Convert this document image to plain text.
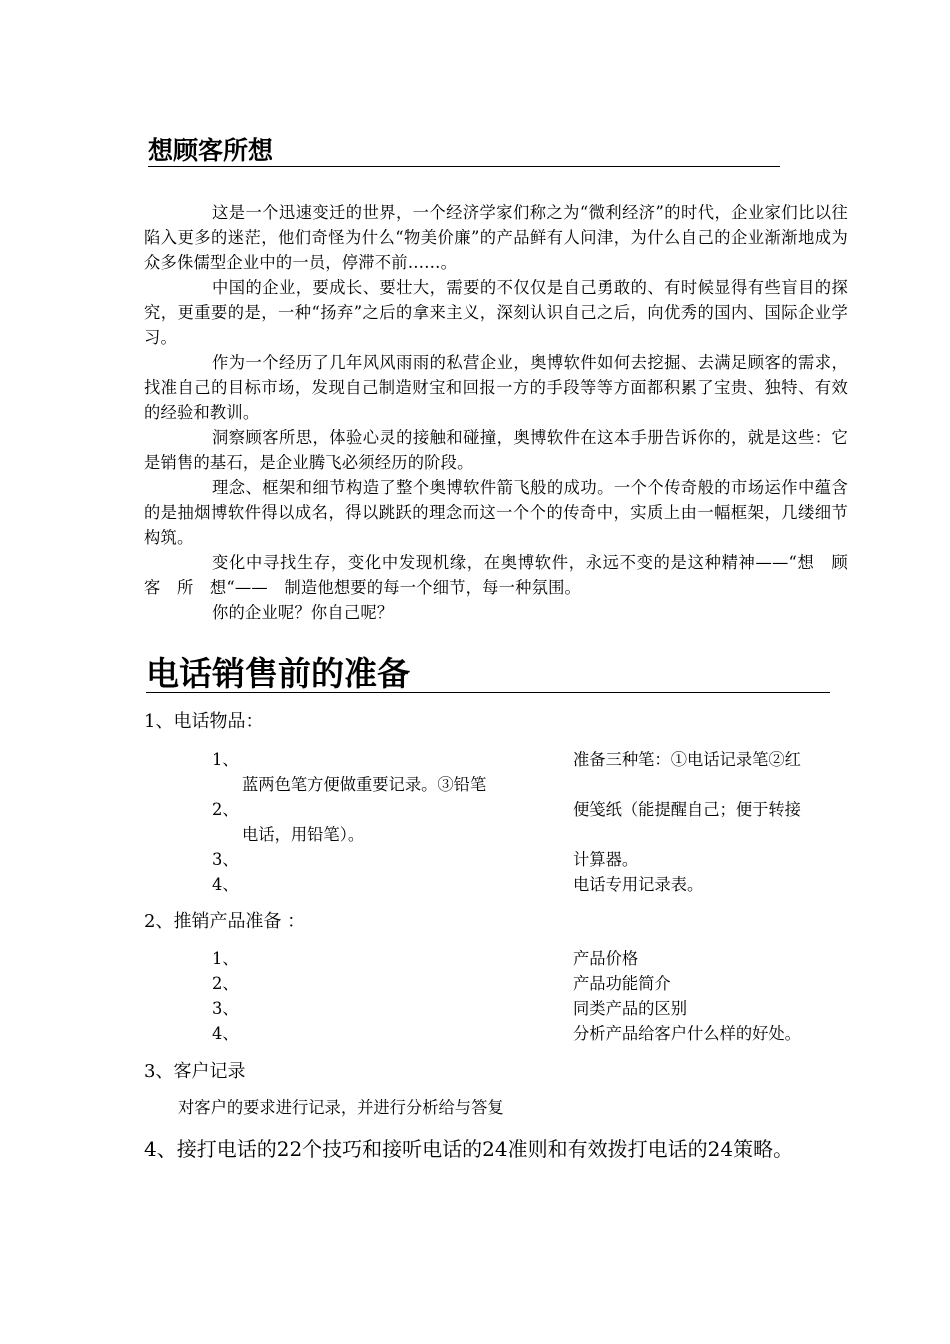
想顾客所想

这是一个迅速变迁的世界，一个经济学家们称之为“微利经济”的时代，企业家们比以往陷入更多的迷茫，他们奇怪为什么“物美价廉”的产品鲜有人问津，为什么自己的企业渐渐地成为众多侏儒型企业中的一员，停滞不前……。

中国的企业，要成长、要壮大，需要的不仅仅是自己勇敢的、有时候显得有些盲目的探究，更重要的是，一种“扬弃”之后的拿来主义，深刻认识自己之后，向优秀的国内、国际企业学习。

作为一个经历了几年风风雨雨的私营企业，奥博软件如何去挖掘、去满足顾客的需求，找准自己的目标市场，发现自己制造财宝和回报一方的手段等等方面都积累了宝贵、独特、有效的经验和教训。

洞察顾客所思，体验心灵的接触和碰撞，奥博软件在这本手册告诉你的，就是这些：它是销售的基石，是企业腾飞必须经历的阶段。

理念、框架和细节构造了整个奥博软件箭飞般的成功。一个个传奇般的市场运作中蕴含的是抽烟博软件得以成名，得以跳跃的理念而这一个个的传奇中，实质上由一幅框架，几缕细节构筑。

变化中寻找生存，变化中发现机缘，在奥博软件，永远不变的是这种精神——“想　顾　客　所　想“——　制造他想要的每一个细节，每一种氛围。

你的企业呢？你自己呢？

电话销售前的准备
1、电话物品：
1、	准备三种笔：①电话记录笔②红
蓝两色笔方便做重要记录。③铅笔
2、	便笺纸（能提醒自己；便于转接
电话，用铅笔）。
3、	计算器。
4、	电话专用记录表。
2、推销产品准备 ：
1、	产品价格
2、	产品功能简介
3、	同类产品的区别
4、	分析产品给客户什么样的好处。
3、客户记录
对客户的要求进行记录，并进行分析给与答复
4、接打电话的22个技巧和接听电话的24准则和有效拨打电话的24策略。
